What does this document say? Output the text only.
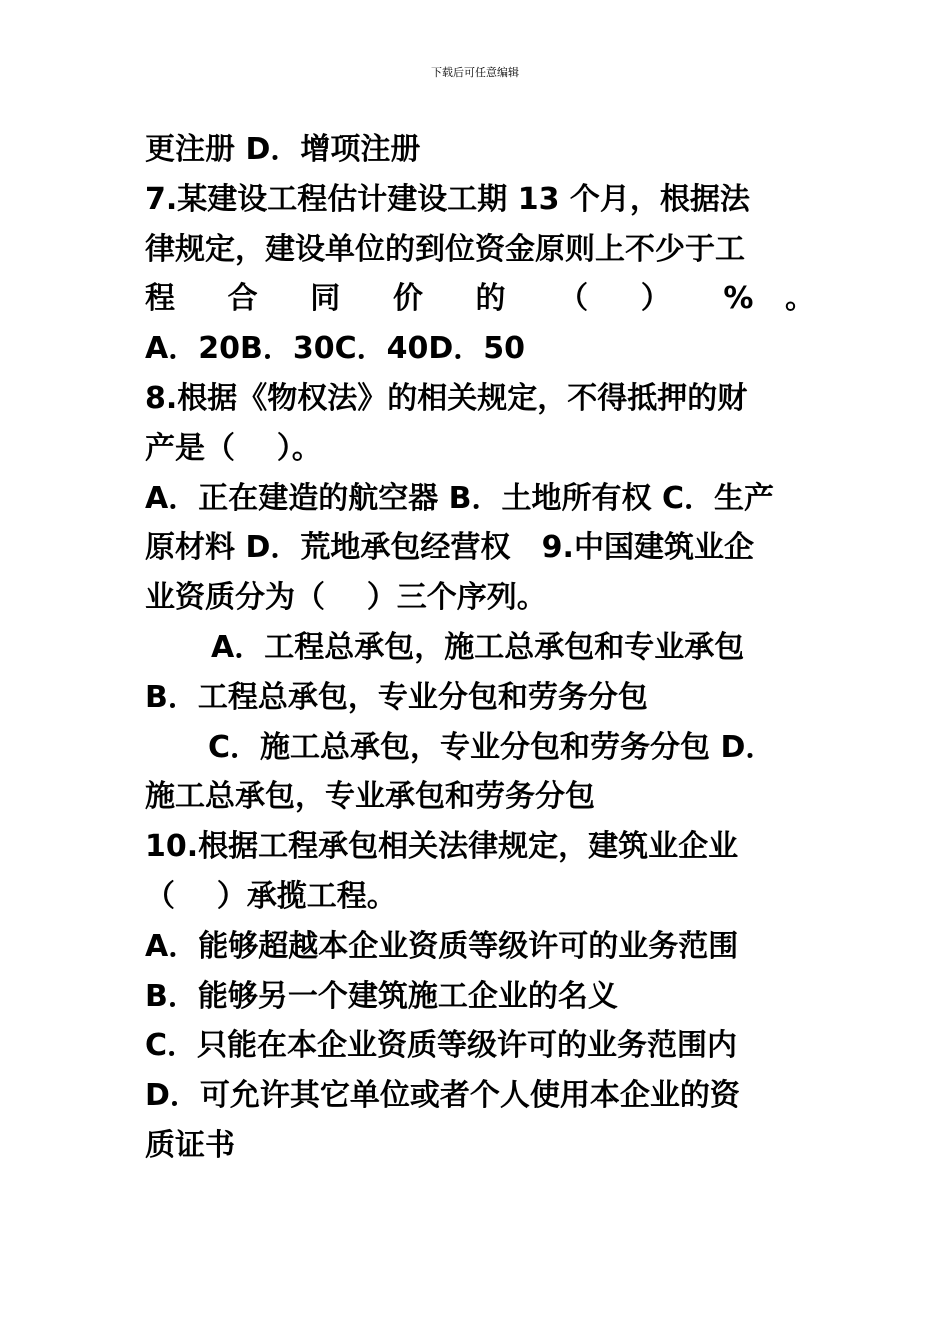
下载后可任意编辑
更注册 D．增项注册
7.某建设工程估计建设工期 13 个月，根据法
律规定，建设单位的到位资金原则上不少于工
程 合 同 价 的 （ ） % 。
A．20B．30C．40D．50
8.根据《物权法》的相关规定，不得抵押的财
产是（    ）。
A．正在建造的航空器 B．土地所有权 C．生产
原材料 D．荒地承包经营权   9.中国建筑业企
业资质分为（    ）三个序列。
A．工程总承包，施工总承包和专业承包
B．工程总承包，专业分包和劳务分包
C．施工总承包，专业分包和劳务分包 D．
施工总承包，专业承包和劳务分包
10.根据工程承包相关法律规定，建筑业企业
（    ）承揽工程。
A．能够超越本企业资质等级许可的业务范围
B．能够另一个建筑施工企业的名义
C．只能在本企业资质等级许可的业务范围内
D．可允许其它单位或者个人使用本企业的资
质证书
